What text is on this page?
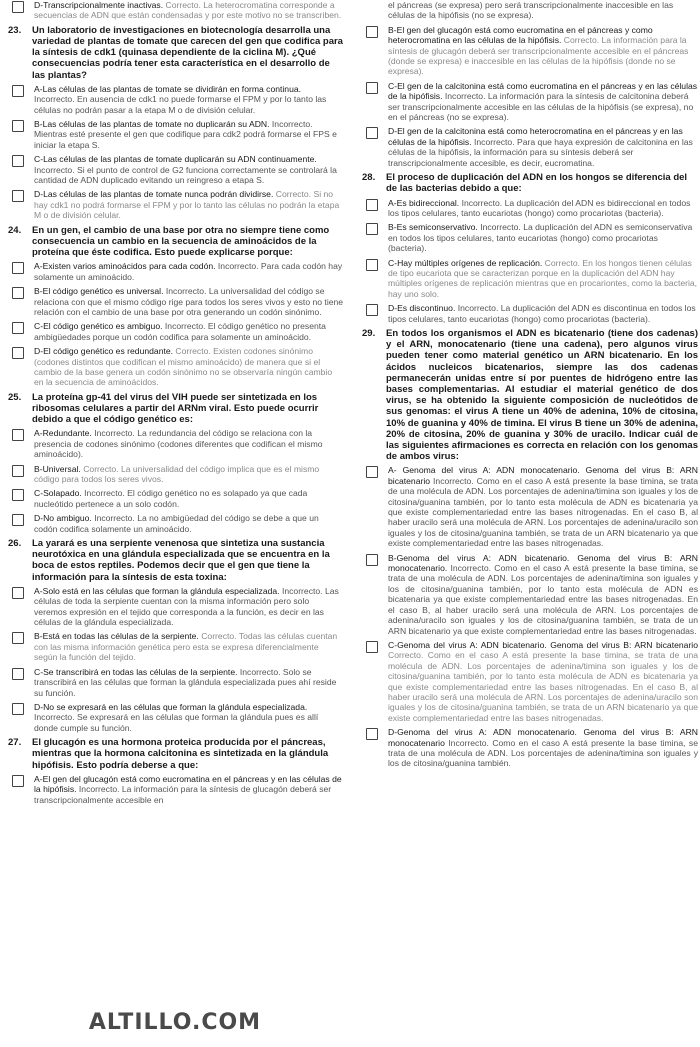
D-Transcripcionalmente inactivas. Correcto. La heterocromatina corresponde a secuencias de ADN que están condensadas y por este motivo no se transcriben.
23.	Un laboratorio de investigaciones en biotecnología desarrolla una variedad de plantas de tomate que carecen del gen que codifica para la síntesis de cdk1 (quinasa dependiente de la ciclina M). ¿Qué consecuencias podría tener esta característica en el desarrollo de las plantas?
A-Las células de las plantas de tomate se dividirán en forma continua. Incorrecto. En ausencia de cdk1 no puede formarse el FPM y por lo tanto las células no podrán pasar a la etapa M o de división celular.
B-Las células de las plantas de tomate no duplicarán su ADN. Incorrecto. Mientras esté presente el gen que codifique para cdk2 podrá formarse el FPS e iniciar la etapa S.
C-Las células de las plantas de tomate duplicarán su ADN continuamente. Incorrecto. Si el punto de control de G2 funciona correctamente se controlará la cantidad de ADN duplicado evitando un reingreso a etapa S.
D-Las células de las plantas de tomate nunca podrán dividirse. Correcto. Si no hay cdk1 no podrá formarse el FPM y por lo tanto las células no podrán la etapa M o de división celular.
24.	En un gen, el cambio de una base por otra no siempre tiene como consecuencia un cambio en la secuencia de aminoácidos de la proteína que éste codifica. Esto puede explicarse porque:
A-Existen varios aminoácidos para cada codón. Incorrecto. Para cada codón hay solamente un aminoácido.
B-El código genético es universal. Incorrecto. La universalidad del código se relaciona con que el mismo código rige para todos los seres vivos y esto no tiene relación con el cambio de una base por otra generando un codón sinónimo.
C-El código genético es ambiguo. Incorrecto. El código genético no presenta ambigüedades porque un codón codifica para solamente un aminoácido.
D-El código genético es redundante. Correcto. Existen codones sinónimo (codones distintos que codifican el mismo aminoácido) de manera que si el cambio de la base genera un codón sinónimo no se observaría ningún cambio en la secuencia de aminoácidos.
25.	La proteína gp-41 del virus del VIH puede ser sintetizada en los ribosomas celulares a partir del ARNm viral. Esto puede ocurrir debido a que el código genético es:
A-Redundante. Incorrecto. La redundancia del código se relaciona con la presencia de codones sinónimo (codones diferentes que codifican el mismo aminoácido).
B-Universal. Correcto. La universalidad del código implica que es el mismo código para todos los seres vivos.
C-Solapado. Incorrecto. El código genético no es solapado ya que cada nucleótido pertenece a un solo codón.
D-No ambiguo. Incorrecto. La no ambigüedad del código se debe a que un codón codifica solamente un aminoácido.
26.	La yarará es una serpiente venenosa que sintetiza una sustancia neurotóxica en una glándula especializada que se encuentra en la boca de estos reptiles. Podemos decir que el gen que tiene la información para la síntesis de esta toxina:
A-Solo está en las células que forman la glándula especializada. Incorrecto. Las células de toda la serpiente cuentan con la misma información pero solo veremos expresión en el tejido que corresponda a la función, es decir en las células de la glándula especializada.
B-Está en todas las células de la serpiente. Correcto. Todas las células cuentan con las misma información genética pero esta se expresa diferencialmente según la función del tejido.
C-Se transcribirá en todas las células de la serpiente. Incorrecto. Solo se transcribirá en las células que forman la glándula especializada pues ahí reside su función.
D-No se expresará en las células que forman la glándula especializada. Incorrecto. Se expresará en las células que forman la glándula pues es allí donde cumple su función.
27.	El glucagón es una hormona proteica producida por el páncreas, mientras que la hormona calcitonina es sintetizada en la glándula hipófisis. Esto podría deberse a que:
A-El gen del glucagón está como eucromatina en el páncreas y en las células de la hipófisis. Incorrecto. La información para la síntesis de glucagón deberá ser transcripcionalmente accesible en
el páncreas (se expresa) pero será transcripcionalmente inaccesible en las células de la hipófisis (no se expresa).
B-El gen del glucagón está como eucromatina en el páncreas y como heterocromatina en las células de la hipófisis. Correcto. La información para la síntesis de glucagón deberá ser transcripcionalmente accesible en el páncreas (donde se expresa) e inaccesible en las células de la hipófisis (donde no se expresa).
C-El gen de la calcitonina está como eucromatina en el páncreas y en las células de la hipófisis. Incorrecto. La información para la síntesis de calcitonina deberá ser transcripcionalmente accesible en las células de la hipófisis (se expresa), no en el páncreas (no se expresa).
D-El gen de la calcitonina está como heterocromatina en el páncreas y en las células de la hipófisis. Incorrecto. Para que haya expresión de calcitonina en las células de la hipófisis, la información para su síntesis deberá ser transcripcionalmente accesible, es decir, eucromatina.
28.	El proceso de duplicación del ADN en los hongos se diferencia del de las bacterias debido a que:
A-Es bidireccional. Incorrecto. La duplicación del ADN es bidireccional en todos los tipos celulares, tanto eucariotas (hongo) como procariotas (bacteria).
B-Es semiconservativo. Incorrecto. La duplicación del ADN es semiconservativa en todos los tipos celulares, tanto eucariotas (hongo) como procariotas (bacteria).
C-Hay múltiples orígenes de replicación. Correcto. En los hongos tienen células de tipo eucariota que se caracterizan porque en la duplicación del ADN hay múltiples orígenes de replicación mientras que en procariontes, como la bacteria, hay uno solo.
D-Es discontinuo. Incorrecto. La duplicación del ADN es discontinua en todos los tipos celulares, tanto eucariotas (hongo) como procariotas (bacteria).
29.	En todos los organismos el ADN es bicatenario (tiene dos cadenas) y el ARN, monocatenario (tiene una cadena), pero algunos virus pueden tener como material genético un ARN bicatenario. En los ácidos nucleicos bicatenarios, siempre las dos cadenas permanecerán unidas entre sí por puentes de hidrógeno entre las bases complementarias. Al estudiar el material genético de dos virus, se ha obtenido la siguiente composición de nucleótidos de sus genomas: el virus A tiene un 40% de adenina, 10% de citosina, 10% de guanina y 40% de timina. El virus B tiene un 30% de adenina, 20% de citosina, 20% de guanina y 30% de uracilo. Indicar cuál de las siguientes afirmaciones es correcta en relación con los genomas de ambos virus:
A- Genoma del virus A: ADN monocatenario. Genoma del virus B: ARN bicatenario Incorrecto. Como en el caso A está presente la base timina, se trata de una molécula de ADN. Los porcentajes de adenina/timina son iguales y los de citosina/guanina también, por lo tanto esta molécula de ADN es bicatenaria ya que existe complementariedad entre las bases nitrogenadas. En el caso B, al haber uracilo será una molécula de ARN. Los porcentajes de adenina/uracilo son iguales y los de citosina/guanina también, se trata de un ARN bicatenario ya que existe complementariedad entre las bases nitrogenadas.
B-Genoma del virus A: ADN bicatenario. Genoma del virus B: ARN monocatenario. Incorrecto. Como en el caso A está presente la base timina, se trata de una molécula de ADN. Los porcentajes de adenina/timina son iguales y los de citosina/guanina también, por lo tanto esta molécula de ADN es bicatenaria ya que existe complementariedad entre las bases nitrogenadas. En el caso B, al haber uracilo será una molécula de ARN. Los porcentajes de adenina/uracilo son iguales y los de citosina/guanina también, se trata de un ARN bicatenario ya que existe complementariedad entre las bases nitrogenadas.
C-Genoma del virus A: ADN bicatenario. Genoma del virus B: ARN bicatenario Correcto. Como en el caso A está presente la base timina, se trata de una molécula de ADN. Los porcentajes de adenina/timina son iguales y los de citosina/guanina también, por lo tanto esta molécula de ADN es bicatenaria ya que existe complementariedad entre las bases nitrogenadas. En el caso B, al haber uracilo será una molécula de ARN. Los porcentajes de adenina/uracilo son iguales y los de citosina/guanina también, se trata de un ARN bicatenario ya que existe complementariedad entre las bases nitrogenadas.
D-Genoma del virus A: ADN monocatenario. Genoma del virus B: ARN monocatenario Incorrecto. Como en el caso A está presente la base timina, se trata de una molécula de ADN. Los porcentajes de adenina/timina son iguales y los de citosina/guanina también.
ALTILLO.COM
